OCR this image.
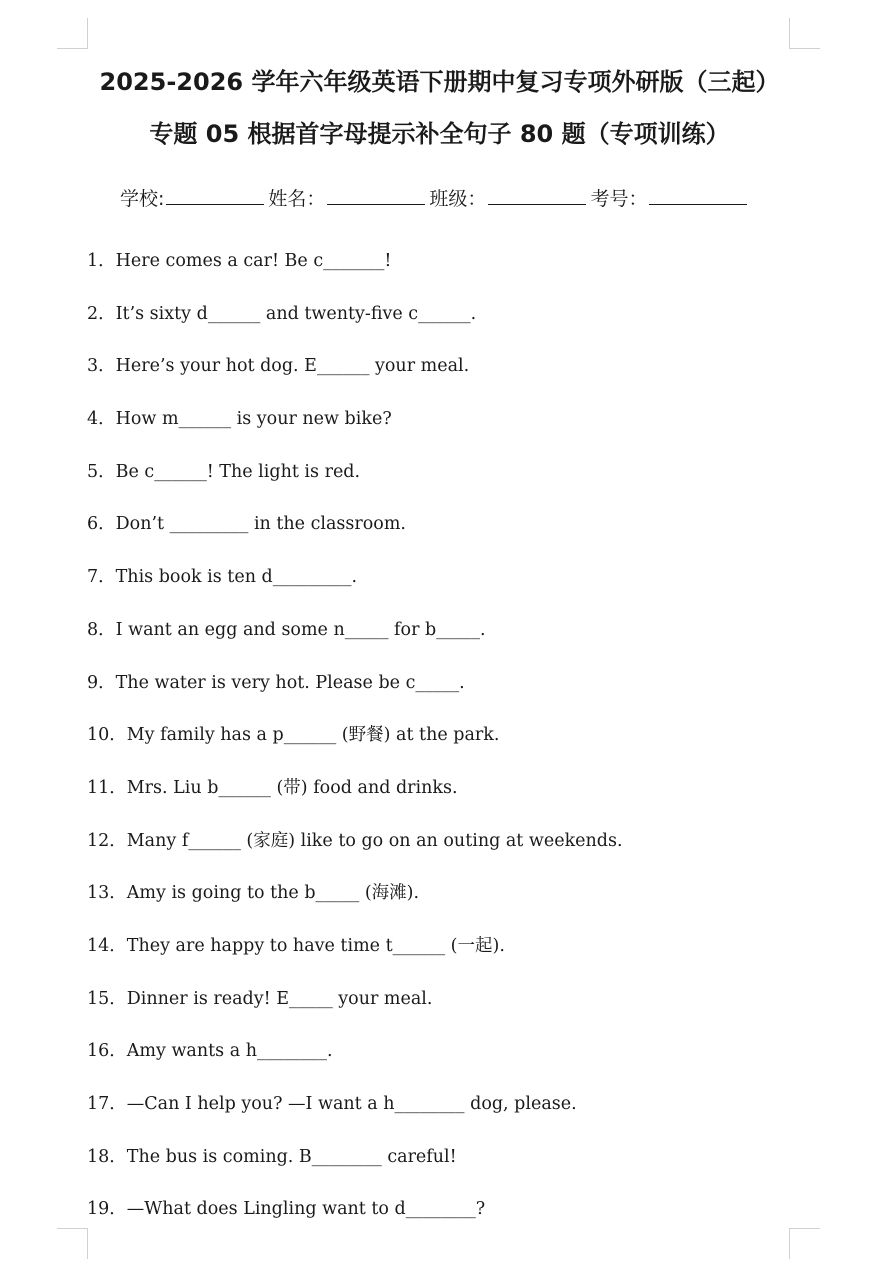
2025-2026 学年六年级英语下册期中复习专项外研版（三起）
专题 05 根据首字母提示补全句子 80 题（专项训练）
学校:	姓名：	班级：	考号：
1．Here comes a car! Be c_______!
2．It’s sixty d______ and twenty-five c______.
3．Here’s your hot dog. E______ your meal.
4．How m______ is your new bike?
5．Be c______! The light is red.
6．Don’t _________ in the classroom.
7．This book is ten d_________.
8．I want an egg and some n_____ for b_____.
9．The water is very hot. Please be c_____.
10．My family has a p______ (野餐) at the park.
11．Mrs. Liu b______ (带) food and drinks.
12．Many f______ (家庭) like to go on an outing at weekends.
13．Amy is going to the b_____ (海滩).
14．They are happy to have time t______ (一起).
15．Dinner is ready! E_____ your meal.
16．Amy wants a h________.
17．—Can I help you? —I want a h________ dog, please.
18．The bus is coming. B________ careful!
19．—What does Lingling want to d________?
